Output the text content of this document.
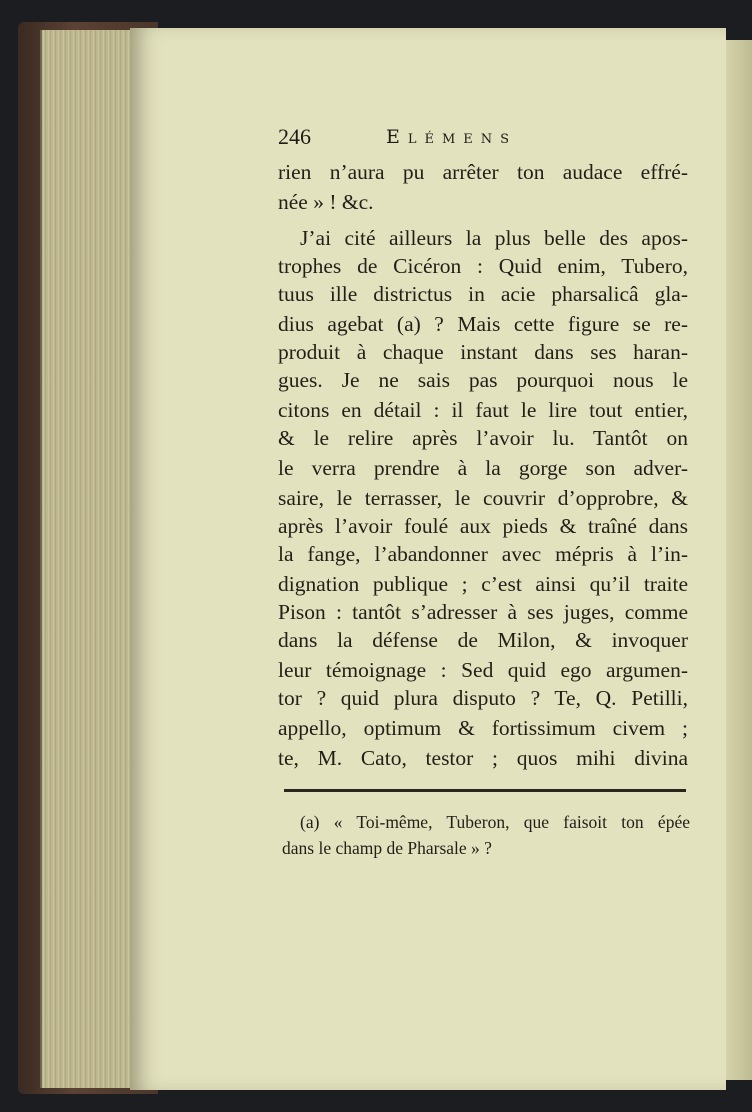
246	Elémens
rien n’aura pu arrêter ton audace effré-
née » ! &c.
J’ai cité ailleurs la plus belle des apos-
trophes de Cicéron : Quid enim, Tubero,
tuus ille districtus in acie pharsalicâ gla-
dius agebat (a) ? Mais cette figure se re-
produit à chaque instant dans ses haran-
gues. Je ne sais pas pourquoi nous le
citons en détail : il faut le lire tout entier,
& le relire après l’avoir lu. Tantôt on
le verra prendre à la gorge son adver-
saire, le terrasser, le couvrir d’opprobre, &
après l’avoir foulé aux pieds & traîné dans
la fange, l’abandonner avec mépris à l’in-
dignation publique ; c’est ainsi qu’il traite
Pison : tantôt s’adresser à ses juges, comme
dans la défense de Milon, & invoquer
leur témoignage : Sed quid ego argumen-
tor ? quid plura disputo ? Te, Q. Petilli,
appello, optimum & fortissimum civem ;
te, M. Cato, testor ; quos mihi divina
(a) « Toi-même, Tuberon, que faisoit ton épée
dans le champ de Pharsale » ?
